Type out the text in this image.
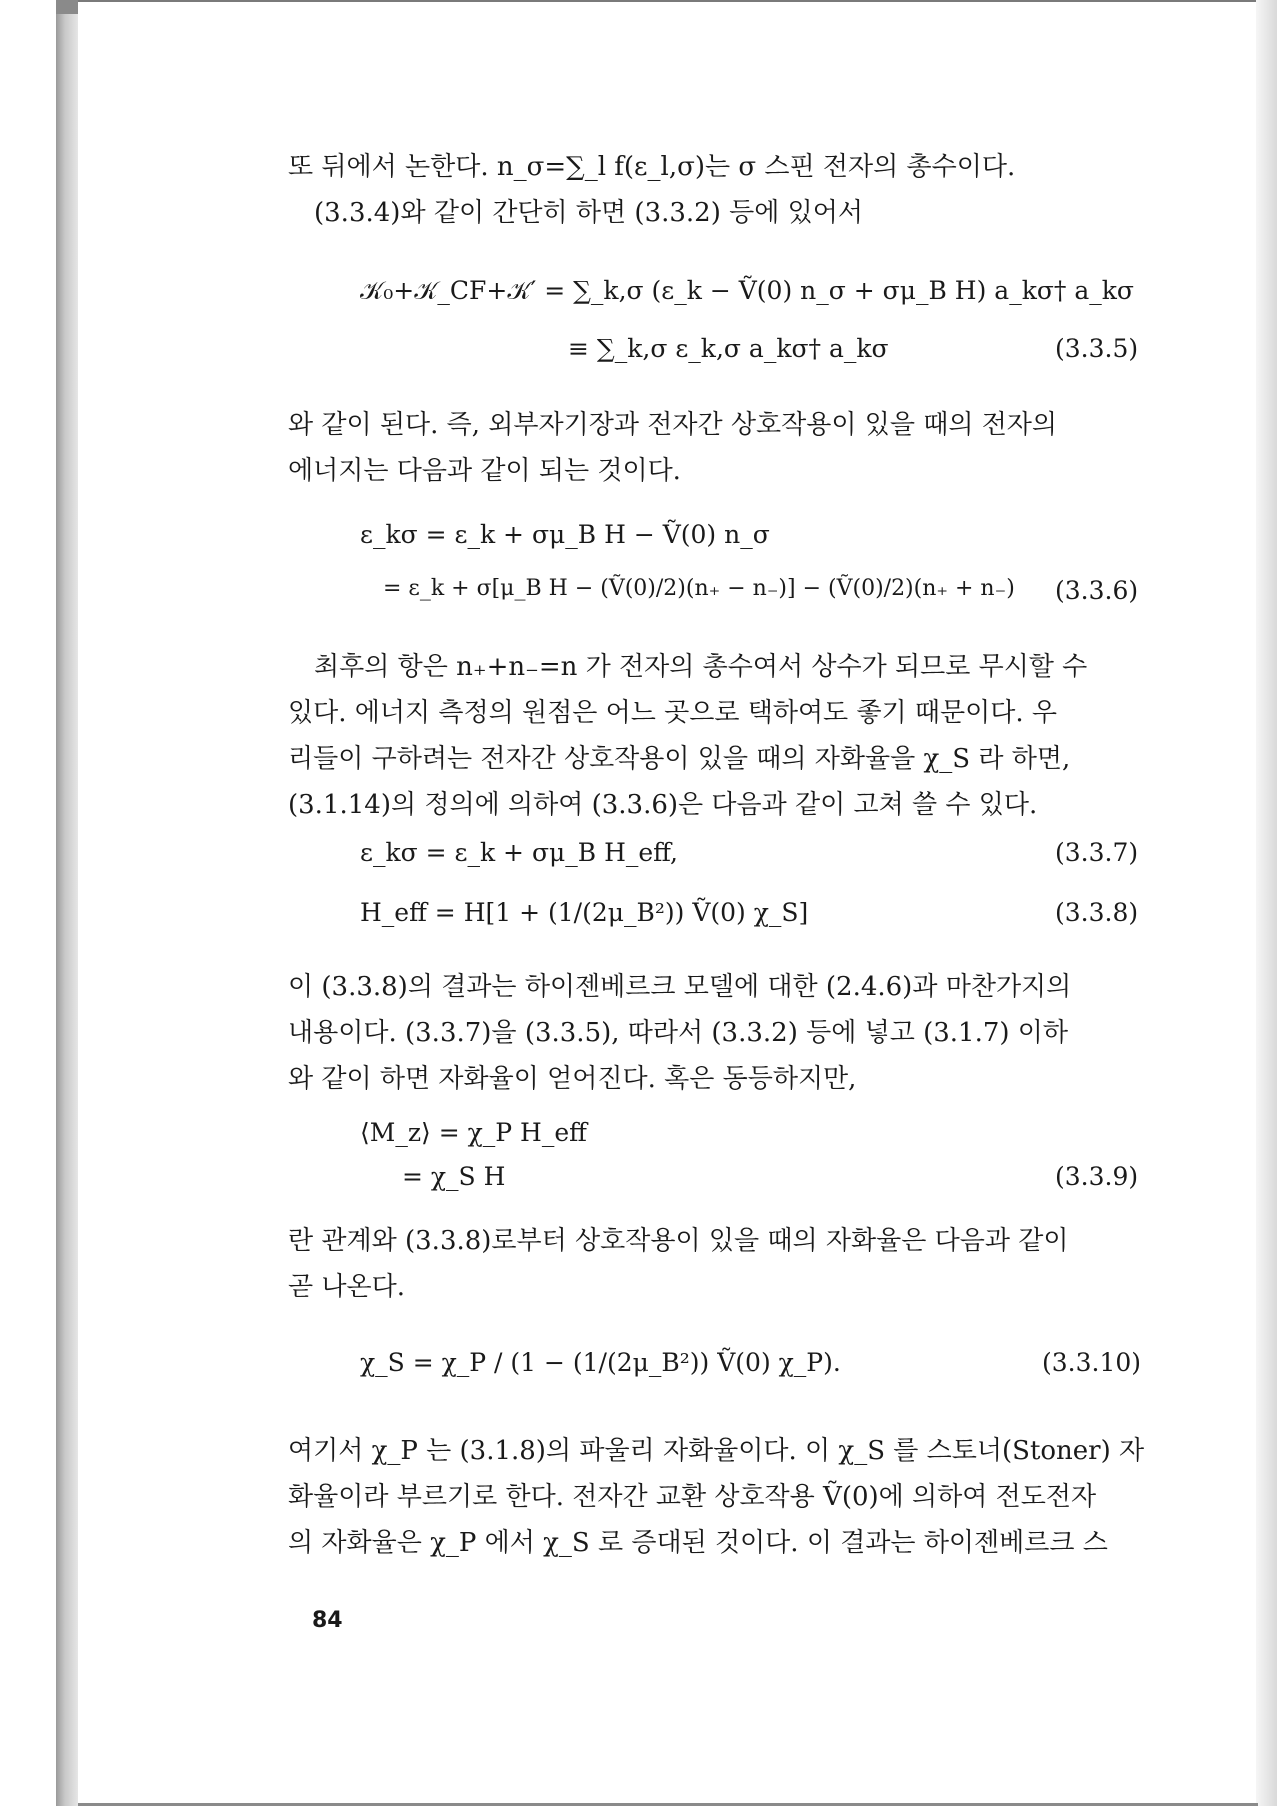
또 뒤에서 논한다. n_σ=∑_l f(ε_l,σ)는 σ 스핀 전자의 총수이다.
(3.3.4)와 같이 간단히 하면 (3.3.2) 등에 있어서
𝒦₀+𝒦_CF+𝒦′ = ∑_k,σ (ε_k − Ṽ(0) n_σ + σμ_B H) a_kσ† a_kσ
≡ ∑_k,σ ε_k,σ a_kσ† a_kσ	(3.3.5)
와 같이 된다. 즉, 외부자기장과 전자간 상호작용이 있을 때의 전자의
에너지는 다음과 같이 되는 것이다.
ε_kσ = ε_k + σμ_B H − Ṽ(0) n_σ
= ε_k + σ[μ_B H − (Ṽ(0)/2)(n₊ − n₋)] − (Ṽ(0)/2)(n₊ + n₋) (3.3.6)
최후의 항은 n₊+n₋=n 가 전자의 총수여서 상수가 되므로 무시할 수
있다. 에너지 측정의 원점은 어느 곳으로 택하여도 좋기 때문이다. 우
리들이 구하려는 전자간 상호작용이 있을 때의 자화율을 χ_S 라 하면,
(3.1.14)의 정의에 의하여 (3.3.6)은 다음과 같이 고쳐 쓸 수 있다.
ε_kσ = ε_k + σμ_B H_eff,	(3.3.7)
H_eff = H[1 + (1/(2μ_B²)) Ṽ(0) χ_S]	(3.3.8)
이 (3.3.8)의 결과는 하이젠베르크 모델에 대한 (2.4.6)과 마찬가지의
내용이다. (3.3.7)을 (3.3.5), 따라서 (3.3.2) 등에 넣고 (3.1.7) 이하
와 같이 하면 자화율이 얻어진다. 혹은 동등하지만,
⟨M_z⟩ = χ_P H_eff
= χ_S H	(3.3.9)
란 관계와 (3.3.8)로부터 상호작용이 있을 때의 자화율은 다음과 같이
곧 나온다.
χ_S = χ_P / (1 − (1/(2μ_B²)) Ṽ(0) χ_P).	(3.3.10)
여기서 χ_P 는 (3.1.8)의 파울리 자화율이다. 이 χ_S 를 스토너(Stoner) 자
화율이라 부르기로 한다. 전자간 교환 상호작용 Ṽ(0)에 의하여 전도전자
의 자화율은 χ_P 에서 χ_S 로 증대된 것이다. 이 결과는 하이젠베르크 스
84
